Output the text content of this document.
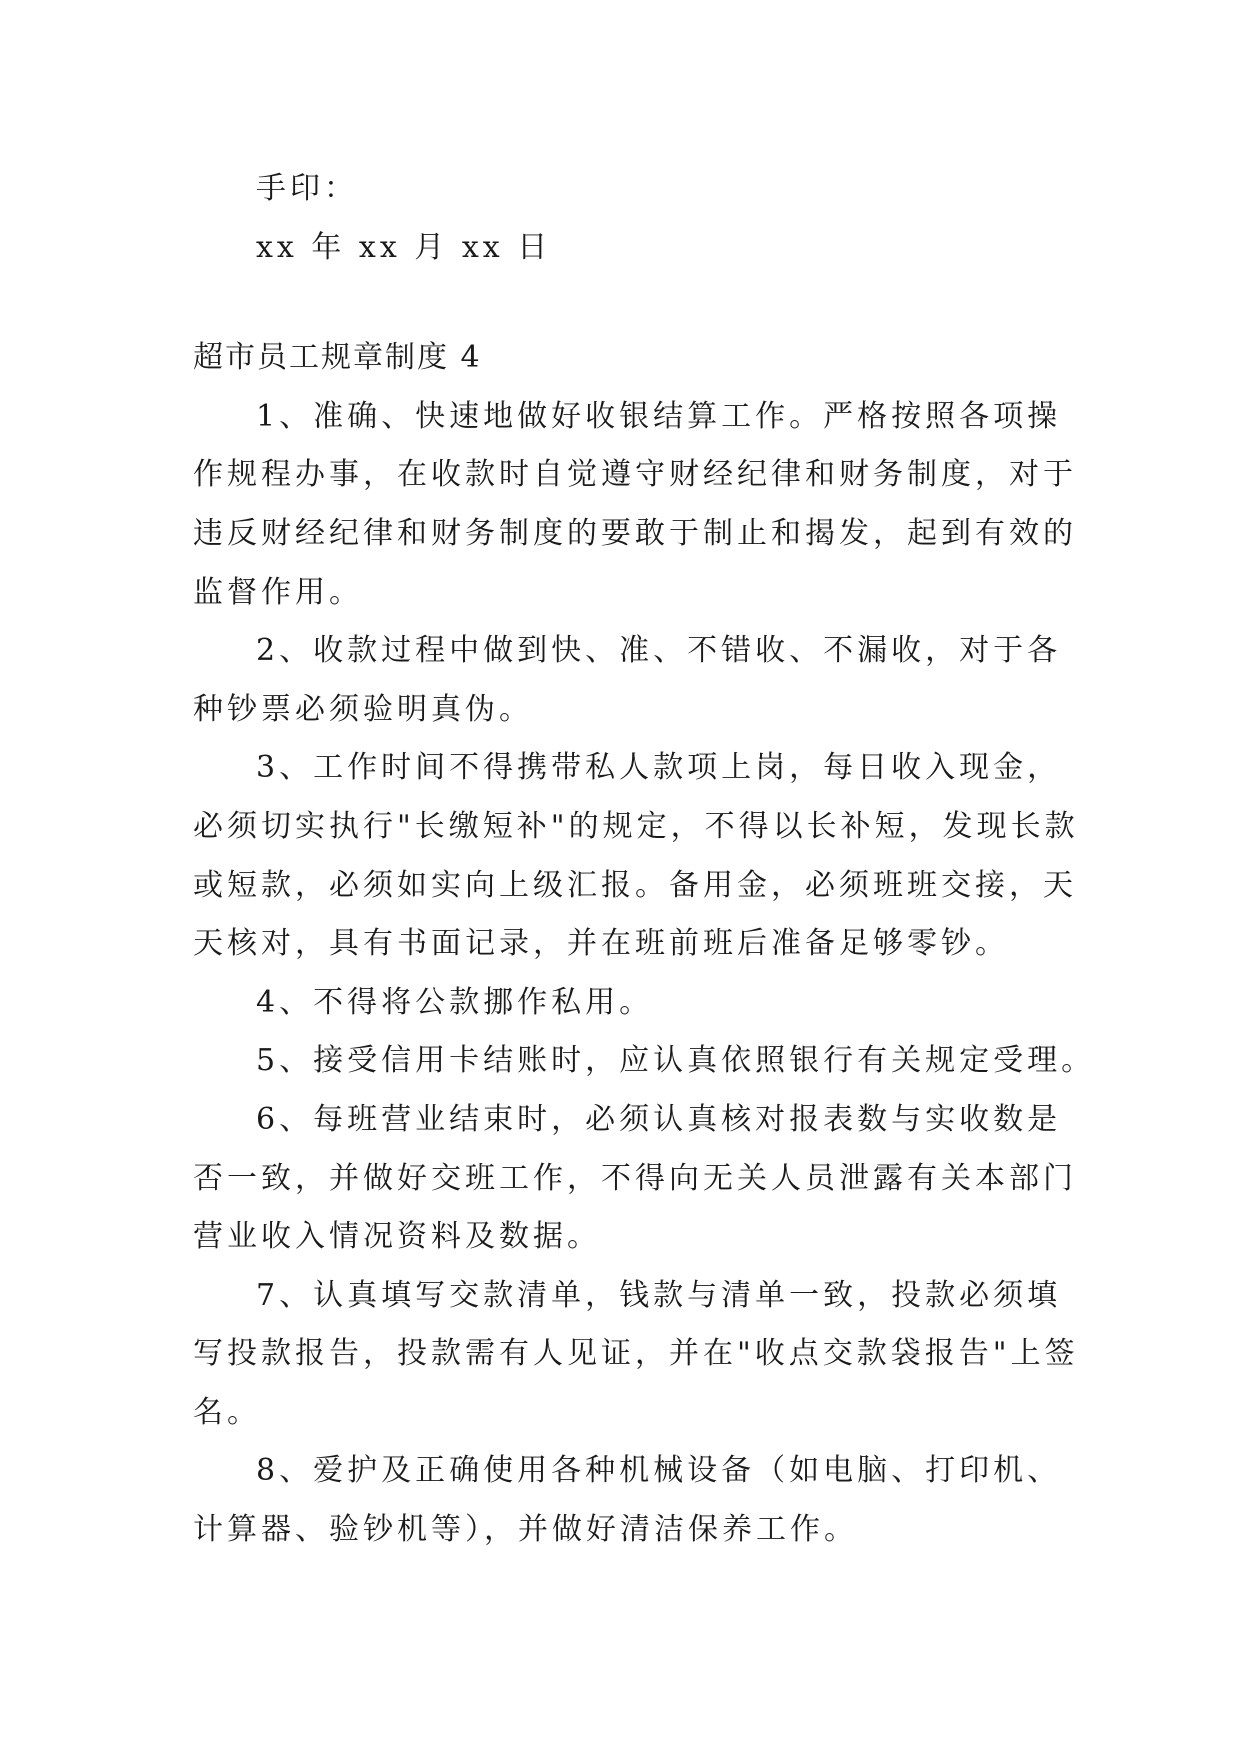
手印：

xx 年 xx 月 xx 日

超市员工规章制度 4

1、准确、快速地做好收银结算工作。严格按照各项操

作规程办事，在收款时自觉遵守财经纪律和财务制度，对于

违反财经纪律和财务制度的要敢于制止和揭发，起到有效的

监督作用。

2、收款过程中做到快、准、不错收、不漏收，对于各

种钞票必须验明真伪。

3、工作时间不得携带私人款项上岗，每日收入现金，

必须切实执行"长缴短补"的规定，不得以长补短，发现长款

或短款，必须如实向上级汇报。备用金，必须班班交接，天

天核对，具有书面记录，并在班前班后准备足够零钞。

4、不得将公款挪作私用。

5、接受信用卡结账时，应认真依照银行有关规定受理。

6、每班营业结束时，必须认真核对报表数与实收数是

否一致，并做好交班工作，不得向无关人员泄露有关本部门

营业收入情况资料及数据。

7、认真填写交款清单，钱款与清单一致，投款必须填

写投款报告，投款需有人见证，并在"收点交款袋报告"上签

名。

8、爱护及正确使用各种机械设备（如电脑、打印机、

计算器、验钞机等），并做好清洁保养工作。
